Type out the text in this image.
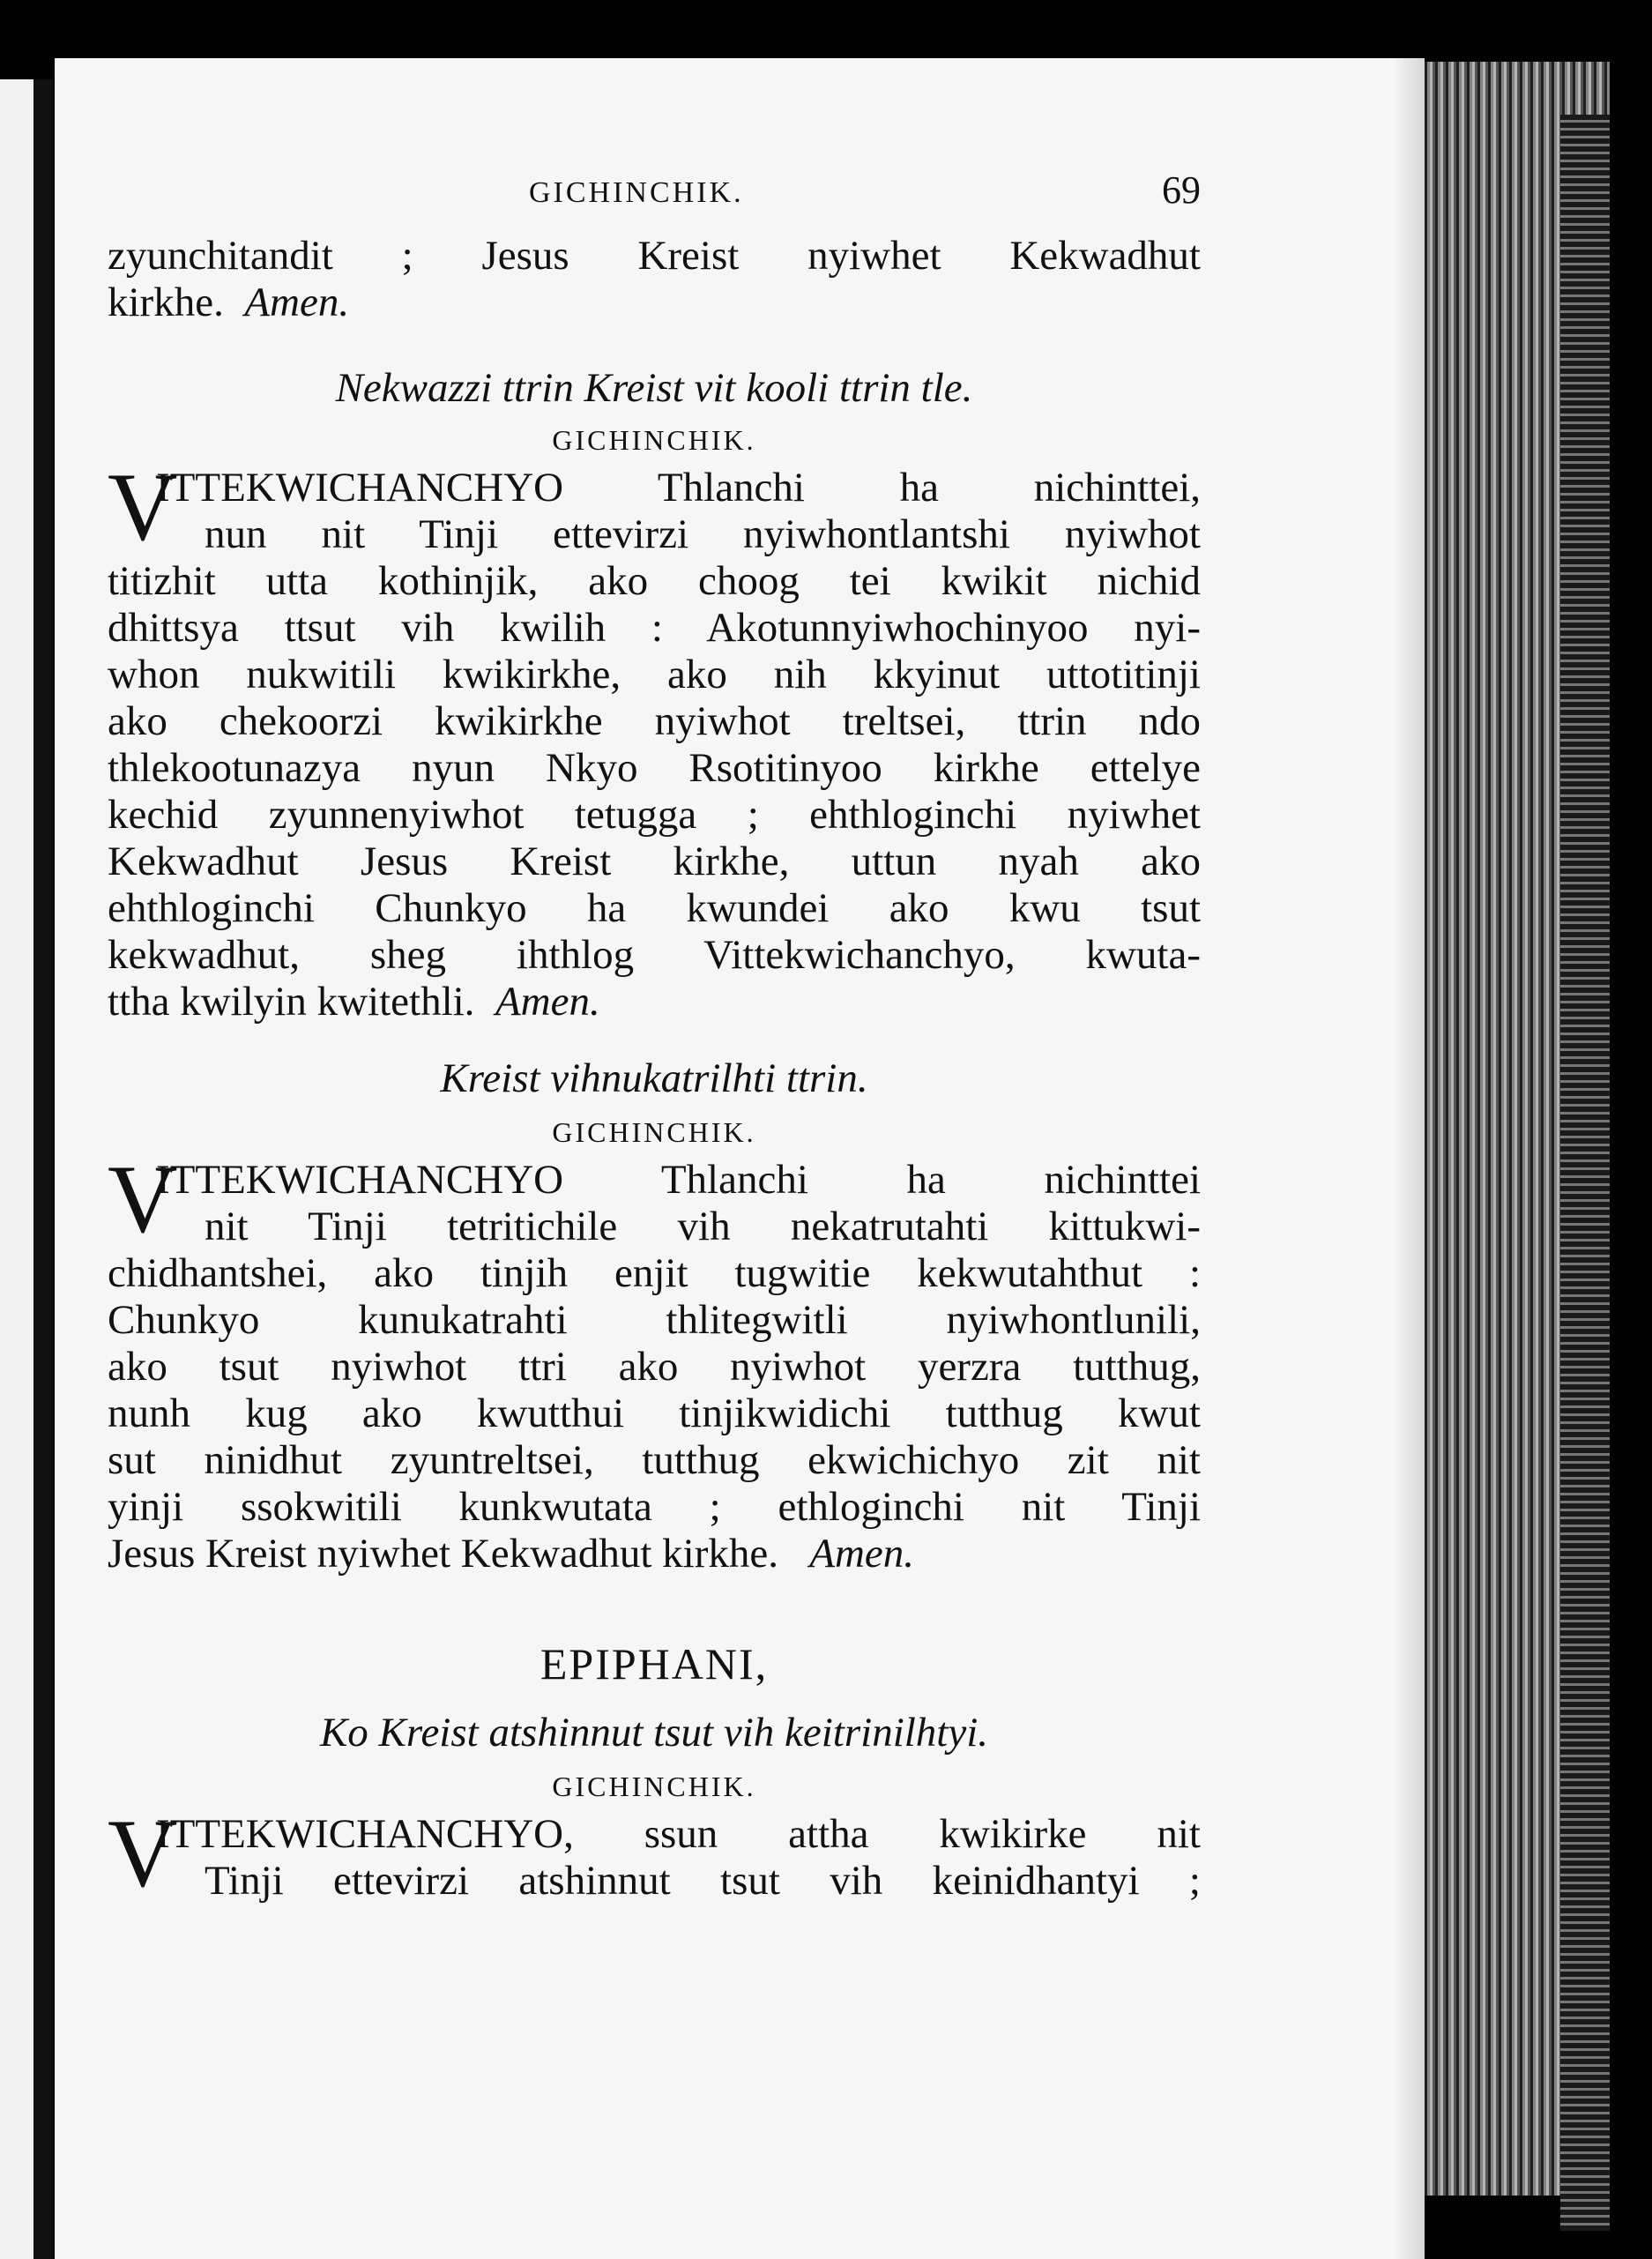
GICHINCHIK.	69
zyunchitandit ; Jesus Kreist nyiwhet Kekwadhut
kirkhe. Amen.
Nekwazzi ttrin Kreist vit kooli ttrin tle.
GICHINCHIK.
V
ITTEKWICHANCHYO Thlanchi ha nichinttei,
nun nit Tinji ettevirzi nyiwhontlantshi nyiwhot
titizhit utta kothinjik, ako choog tei kwikit nichid
dhittsya ttsut vih kwilih : Akotunnyiwhochinyoo nyi-
whon nukwitili kwikirkhe, ako nih kkyinut uttotitinji
ako chekoorzi kwikirkhe nyiwhot treltsei, ttrin ndo
thlekootunazya nyun Nkyo Rsotitinyoo kirkhe ettelye
kechid zyunnenyiwhot tetugga ; ehthloginchi nyiwhet
Kekwadhut Jesus Kreist kirkhe, uttun nyah ako
ehthloginchi Chunkyo ha kwundei ako kwu tsut
kekwadhut, sheg ihthlog Vittekwichanchyo, kwuta-
ttha kwilyin kwitethli. Amen.
Kreist vihnukatrilhti ttrin.
GICHINCHIK.
V
ITTEKWICHANCHYO Thlanchi ha nichinttei
nit Tinji tetritichile vih nekatrutahti kittukwi-
chidhantshei, ako tinjih enjit tugwitie kekwutahthut :
Chunkyo kunukatrahti thlitegwitli nyiwhontlunili,
ako tsut nyiwhot ttri ako nyiwhot yerzra tutthug,
nunh kug ako kwutthui tinjikwidichi tutthug kwut
sut ninidhut zyuntreltsei, tutthug ekwichichyo zit nit
yinji ssokwitili kunkwutata ; ethloginchi nit Tinji
Jesus Kreist nyiwhet Kekwadhut kirkhe. Amen.
EPIPHANI,
Ko Kreist atshinnut tsut vih keitrinilhtyi.
GICHINCHIK.
V
ITTEKWICHANCHYO, ssun attha kwikirke nit
Tinji ettevirzi atshinnut tsut vih keinidhantyi ;
